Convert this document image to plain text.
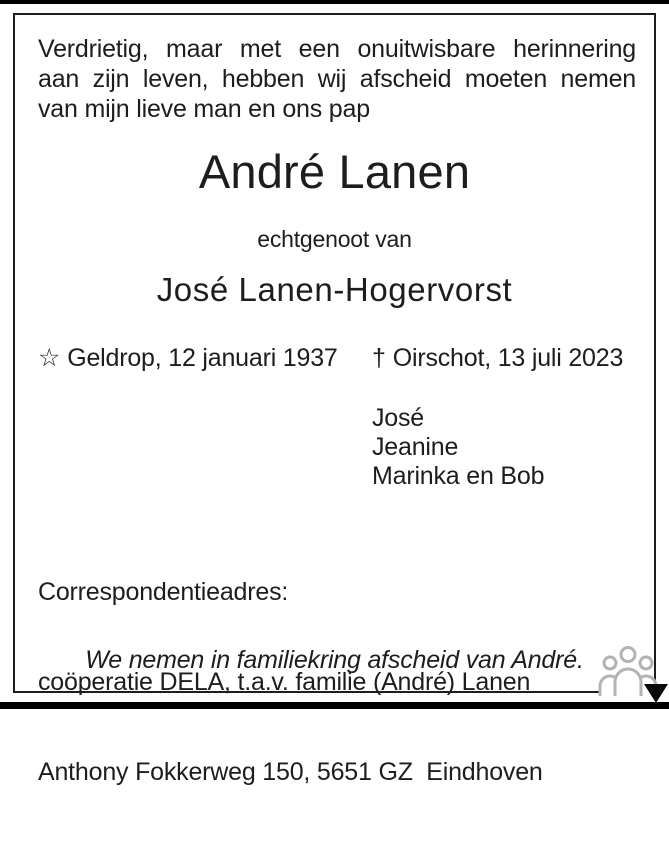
Verdrietig, maar met een onuitwisbare herinnering
aan zijn leven, hebben wij afscheid moeten nemen
van mijn lieve man en ons pap
André Lanen
echtgenoot van
José Lanen-Hogervorst
☆ Geldrop, 12 januari 1937 † Oirschot, 13 juli 2023
José
Jeanine
Marinka en Bob

Correspondentieadres:

coöperatie DELA, t.a.v. familie (André) Lanen

Anthony Fokkerweg 150, 5651 GZ  Eindhoven

We nemen in familiekring afscheid van André.
